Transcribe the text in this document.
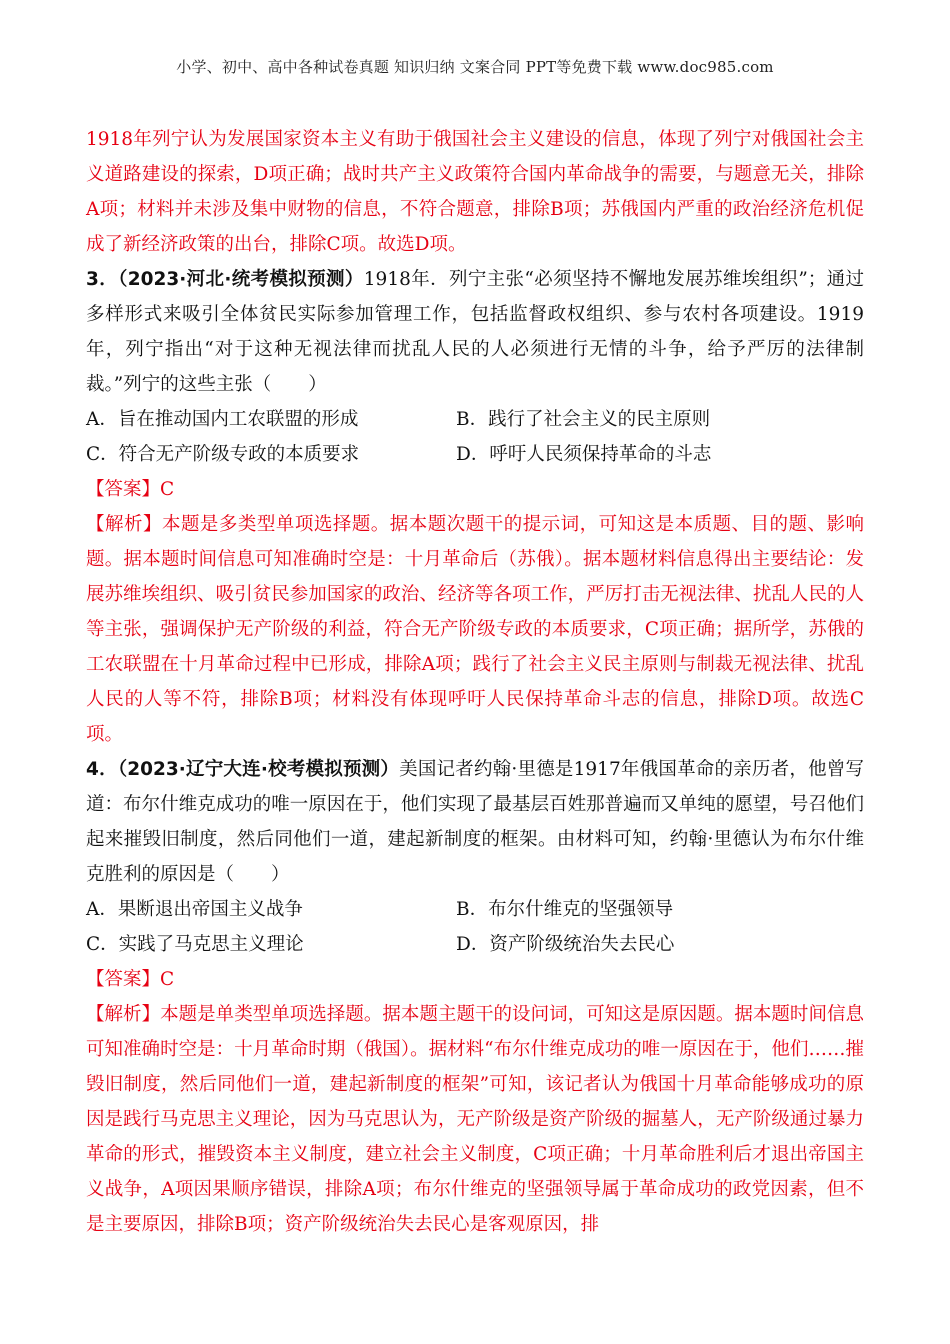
小学、初中、高中各种试卷真题 知识归纳 文案合同 PPT等免费下载 www.doc985.com

1918年列宁认为发展国家资本主义有助于俄国社会主义建设的信息，体现了列宁对俄国社会主义道路建设的探索，D项正确；战时共产主义政策符合国内革命战争的需要，与题意无关，排除A项；材料并未涉及集中财物的信息，不符合题意，排除B项；苏俄国内严重的政治经济危机促成了新经济政策的出台，排除C项。故选D项。

3．（2023·河北·统考模拟预测）1918年．列宁主张“必须坚持不懈地发展苏维埃组织”；通过多样形式来吸引全体贫民实际参加管理工作，包括监督政权组织、参与农村各项建设。1919年，列宁指出“对于这种无视法律而扰乱人民的人必须进行无情的斗争，给予严厉的法律制裁。”列宁的这些主张（　　）

A．旨在推动国内工农联盟的形成	B．践行了社会主义的民主原则
C．符合无产阶级专政的本质要求	D．呼吁人民须保持革命的斗志

【答案】C

【解析】本题是多类型单项选择题。据本题次题干的提示词，可知这是本质题、目的题、影响题。据本题时间信息可知准确时空是：十月革命后（苏俄）。据本题材料信息得出主要结论：发展苏维埃组织、吸引贫民参加国家的政治、经济等各项工作，严厉打击无视法律、扰乱人民的人等主张，强调保护无产阶级的利益，符合无产阶级专政的本质要求，C项正确；据所学，苏俄的工农联盟在十月革命过程中已形成，排除A项；践行了社会主义民主原则与制裁无视法律、扰乱人民的人等不符，排除B项；材料没有体现呼吁人民保持革命斗志的信息，排除D项。故选C项。

4．（2023·辽宁大连·校考模拟预测）美国记者约翰·里德是1917年俄国革命的亲历者，他曾写道：布尔什维克成功的唯一原因在于，他们实现了最基层百姓那普遍而又单纯的愿望，号召他们起来摧毁旧制度，然后同他们一道，建起新制度的框架。由材料可知，约翰·里德认为布尔什维克胜利的原因是（　　）

A．果断退出帝国主义战争	B．布尔什维克的坚强领导
C．实践了马克思主义理论	D．资产阶级统治失去民心

【答案】C

【解析】本题是单类型单项选择题。据本题主题干的设问词，可知这是原因题。据本题时间信息可知准确时空是：十月革命时期（俄国）。据材料“布尔什维克成功的唯一原因在于，他们……摧毁旧制度，然后同他们一道，建起新制度的框架”可知，该记者认为俄国十月革命能够成功的原因是践行马克思主义理论，因为马克思认为，无产阶级是资产阶级的掘墓人，无产阶级通过暴力革命的形式，摧毁资本主义制度，建立社会主义制度，C项正确；十月革命胜利后才退出帝国主义战争，A项因果顺序错误，排除A项；布尔什维克的坚强领导属于革命成功的政党因素，但不是主要原因，排除B项；资产阶级统治失去民心是客观原因，排
